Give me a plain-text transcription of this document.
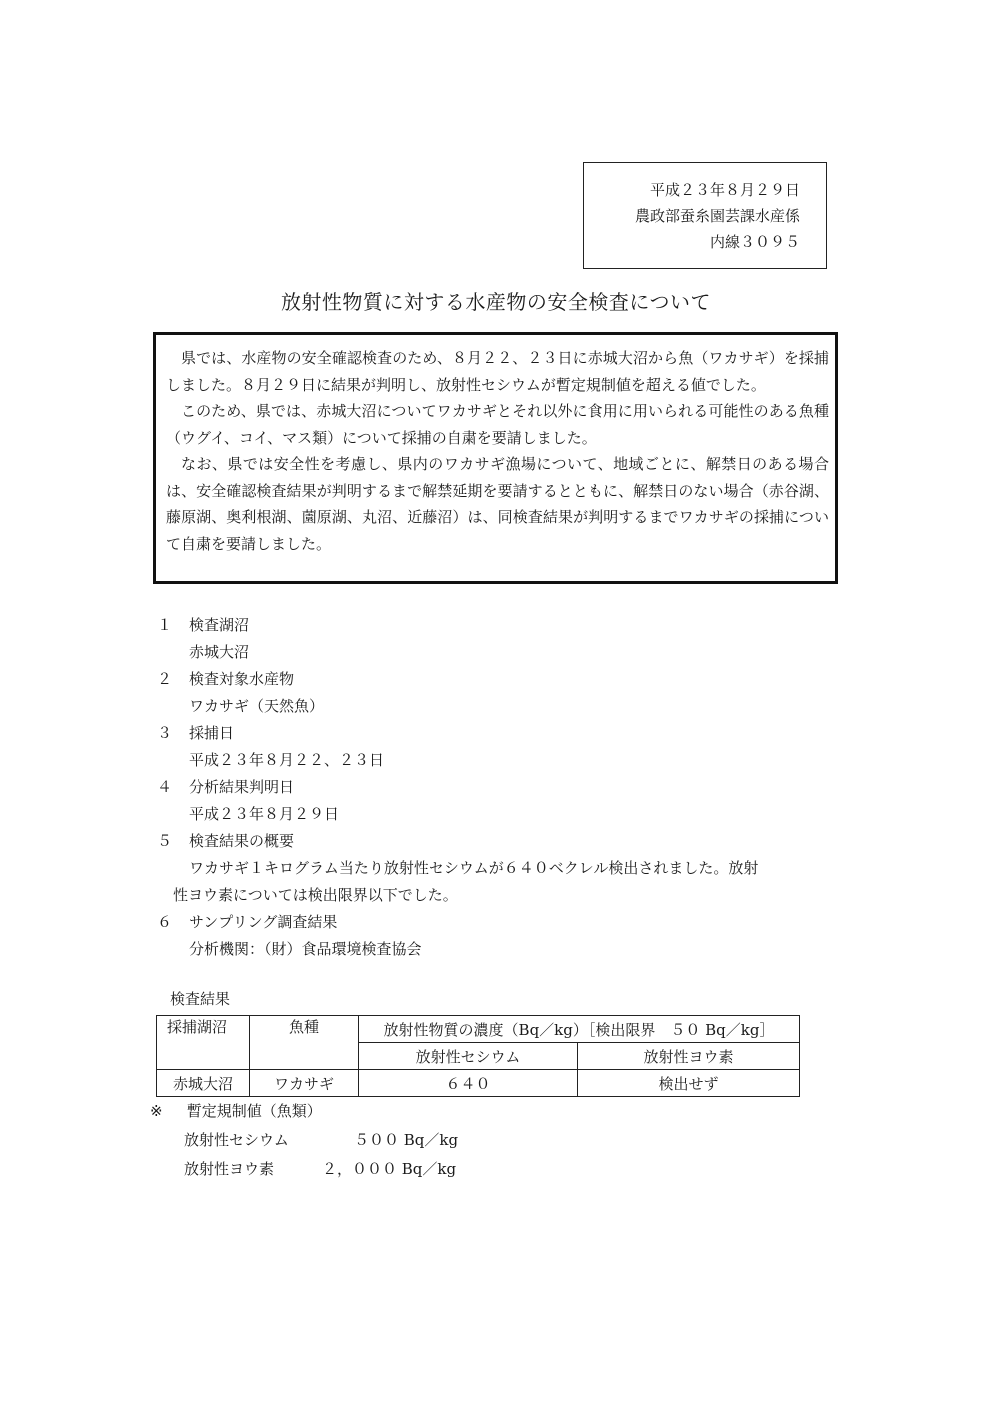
平成２３年８月２９日
農政部蚕糸園芸課水産係
内線３０９５
放射性物質に対する水産物の安全検査について

県では、水産物の安全確認検査のため、８月２２、２３日に赤城大沼から魚（ワカサギ）を採捕しました。８月２９日に結果が判明し、放射性セシウムが暫定規制値を超える値でした。

このため、県では、赤城大沼についてワカサギとそれ以外に食用に用いられる可能性のある魚種（ウグイ、コイ、マス類）について採捕の自粛を要請しました。

なお、県では安全性を考慮し、県内のワカサギ漁場について、地域ごとに、解禁日のある場合は、安全確認検査結果が判明するまで解禁延期を要請するとともに、解禁日のない場合（赤谷湖、藤原湖、奥利根湖、薗原湖、丸沼、近藤沼）は、同検査結果が判明するまでワカサギの採捕について自粛を要請しました。

１	検査湖沼
赤城大沼
２	検査対象水産物
ワカサギ（天然魚）
３	採捕日
平成２３年８月２２、２３日
４	分析結果判明日
平成２３年８月２９日
５	検査結果の概要
ワカサギ１キログラム当たり放射性セシウムが６４０ベクレル検出されました。放射
性ヨウ素については検出限界以下でした。
６	サンプリング調査結果
分析機関：（財）食品環境検査協会
検査結果
採捕湖沼	魚種	放射性物質の濃度（Bq／kg）［検出限界　５０ Bq／kg］	
		放射性セシウム	放射性ヨウ素
赤城大沼	ワカサギ	６４０	検出せず
※ 暫定規制値（魚類）
放射性セシウム	５００ Bq／kg
放射性ヨウ素	２，０００ Bq／kg
